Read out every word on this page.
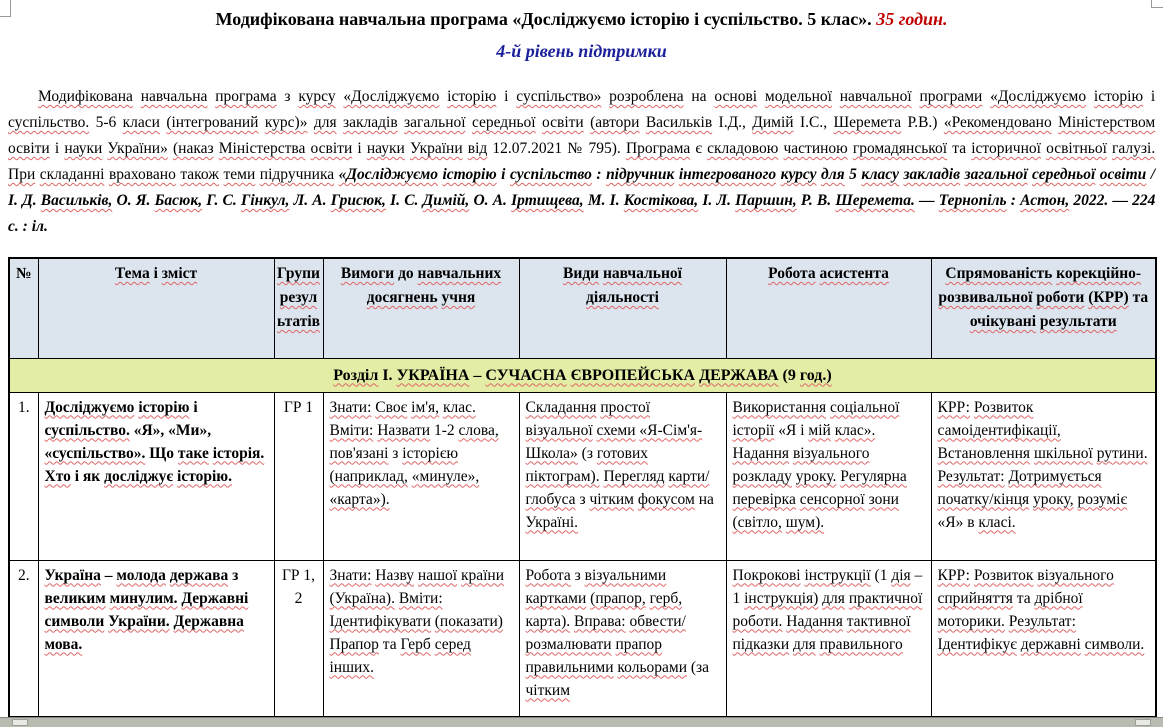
Модифікована навчальна програма «Досліджуємо історію і суспільство. 5 клас». 35 годин.
4-й рівень підтримки

Модифікована навчальна програма з курсу «Досліджуємо історію і суспільство» розроблена на основі модельної навчальної програми «Досліджуємо історію і суспільство. 5-6 класи (інтегрований курс)» для закладів загальної середньої освіти (автори Васильків І.Д., Димій І.С., Шеремета Р.В.) «Рекомендовано Міністерством освіти і науки України» (наказ Міністерства освіти і науки України від 12.07.2021 № 795). Програма є складовою частиною громадянської та історичної освітньої галузі. При складанні враховано також теми підручника «Досліджуємо історію і суспільство : підручник інтегрованого курсу для 5 класу закладів загальної середньої освіти / І. Д. Васильків, О. Я. Басюк, Г. С. Гінкул, Л. А. Грисюк, І. С. Димій, О. А. Іртищева, М. І. Костікова, І. Л. Паршин, Р. В. Шеремета. — Тернопіль : Астон, 2022. — 224 с. : іл.

№	Тема і зміст	Групи результатів	Вимоги до навчальних досягнень учня	Види навчальної діяльності	Робота асистента	Спрямованість корекційно-розвивальної роботи (КРР) та очікувані результати
Розділ І. УКРАЇНА – СУЧАСНА ЄВРОПЕЙСЬКА ДЕРЖАВА (9 год.)						
1.	Досліджуємо історію і суспільство. «Я», «Ми», «суспільство». Що таке історія. Хто і як досліджує історію.	ГР 1	Знати: Своє ім'я, клас. Вміти: Назвати 1-2 слова, пов'язані з історією (наприклад, «минуле», «карта»).	Складання простої візуальної схеми «Я-Сім'я-Школа» (з готових піктограм). Перегляд карти/глобуса з чітким фокусом на Україні.	Використання соціальної історії «Я і мій клас». Надання візуального розкладу уроку. Регулярна перевірка сенсорної зони (світло, шум).	КРР: Розвиток самоідентифікації, Встановлення шкільної рутини. Результат: Дотримується початку/кінця уроку, розуміє «Я» в класі.
2.	Україна – молода держава з великим минулим. Державні символи України. Державна мова.	ГР 1, 2	Знати: Назву нашої країни (Україна). Вміти: Ідентифікувати (показати) Прапор та Герб серед інших.	Робота з візуальними картками (прапор, герб, карта). Вправа: обвести/розмалювати прапор правильними кольорами (за чітким	Покрокові інструкції (1 дія – 1 інструкція) для практичної роботи. Надання тактивної підказки для правильного	КРР: Розвиток візуального сприйняття та дрібної моторики. Результат: Ідентифікує державні символи.
